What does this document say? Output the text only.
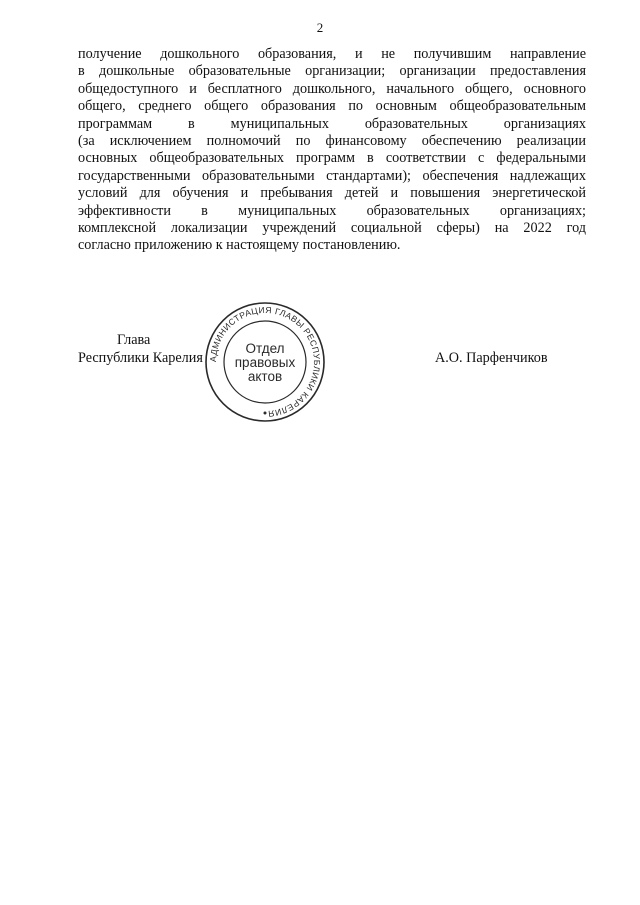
2
получение дошкольного образования, и не получившим направление
в дошкольные образовательные организации; организации предоставления
общедоступного и бесплатного дошкольного, начального общего, основного
общего, среднего общего образования по основным общеобразовательным
программам в муниципальных образовательных организациях
(за исключением полномочий по финансовому обеспечению реализации
основных общеобразовательных программ в соответствии с федеральными
государственными образовательными стандартами); обеспечения надлежащих
условий для обучения и пребывания детей и повышения энергетической
эффективности в муниципальных образовательных организациях;
комплексной локализации учреждений социальной сферы) на 2022 год
согласно приложению к настоящему постановлению.
Глава
Республики Карелия	А.О. Парфенчиков
АДМИНИСТРАЦИЯ ГЛАВЫ РЕСПУБЛИКИ КАРЕЛИЯ
Отдел
правовых
актов
